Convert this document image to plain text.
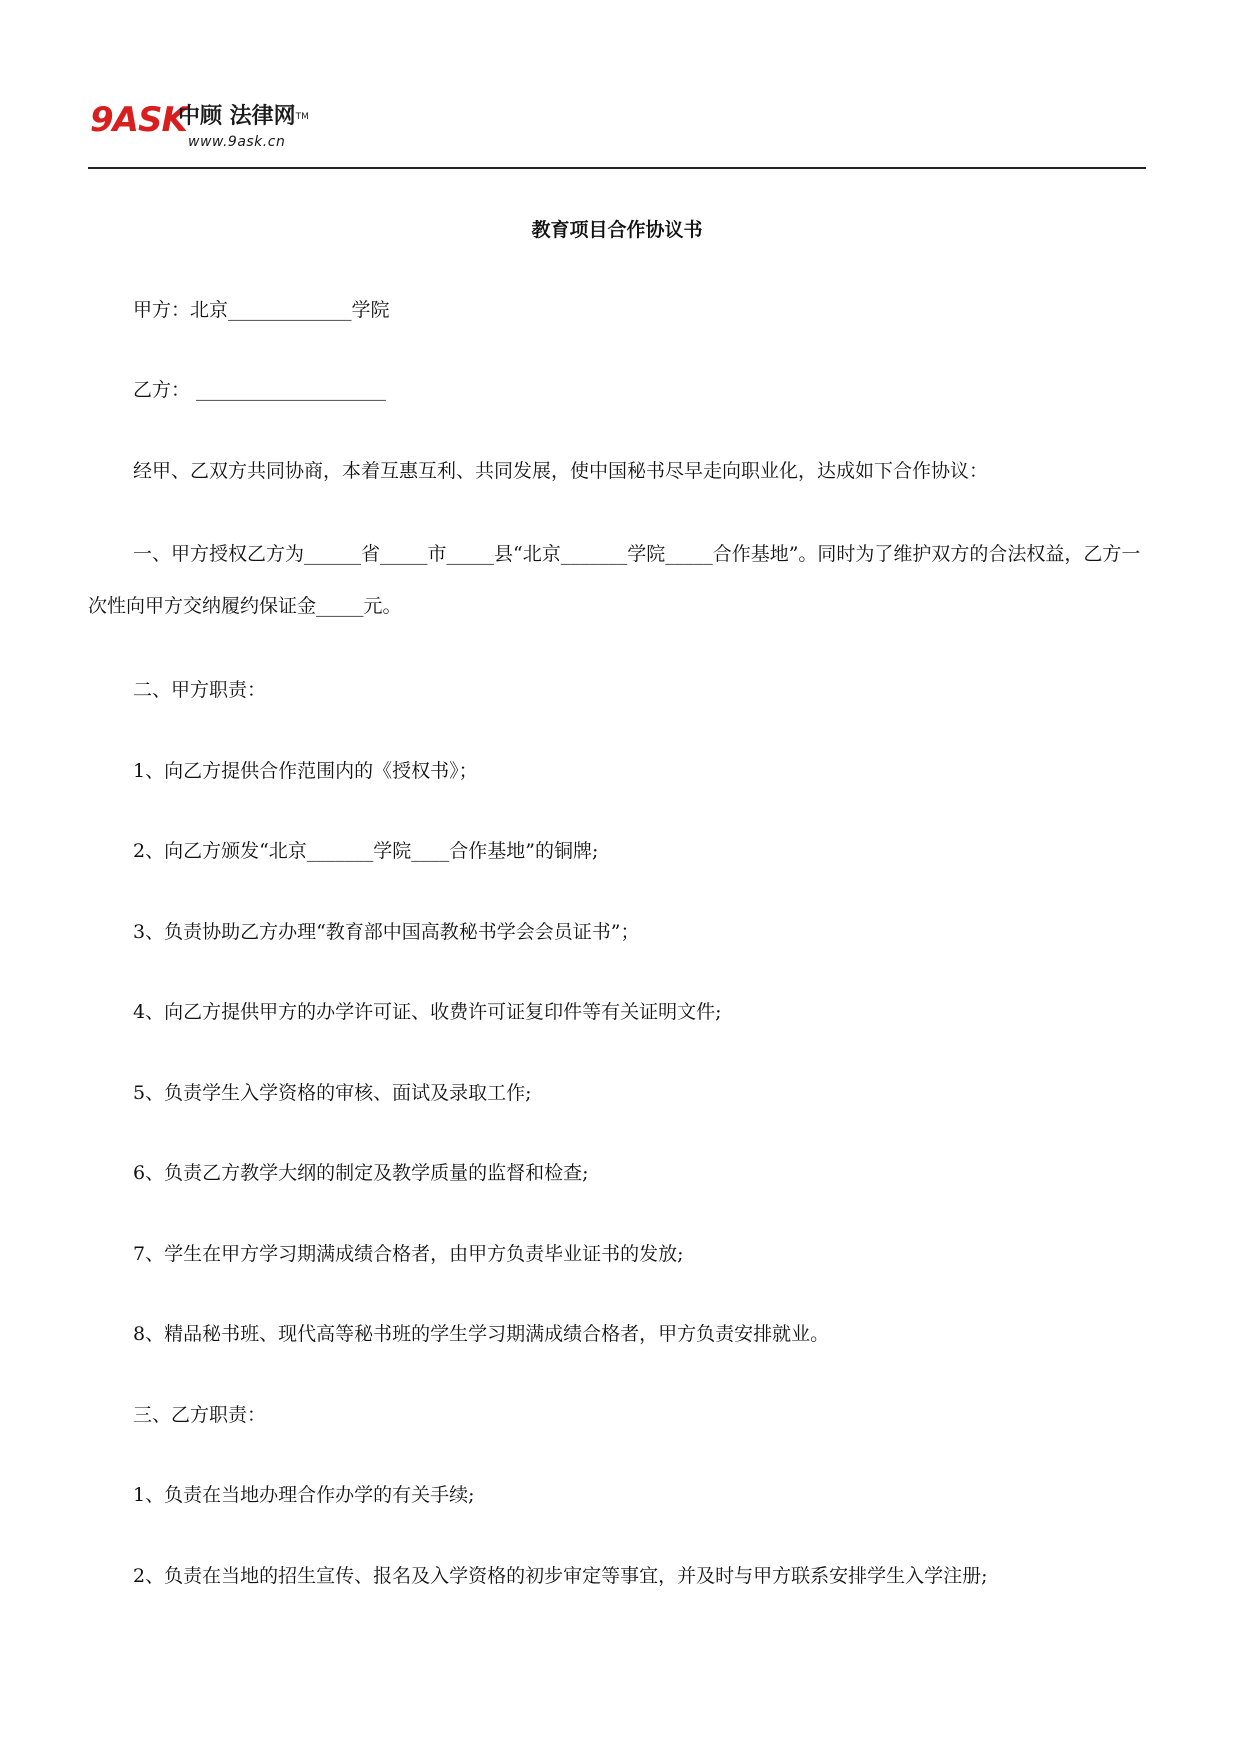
9ASK
中顾 法律网™
www.9ask.cn
教育项目合作协议书
甲方：北京_____________学院
乙方： ____________________
经甲、乙双方共同协商，本着互惠互利、共同发展，使中国秘书尽早走向职业化，达成如下合作协议：
一、甲方授权乙方为______省_____市_____县“北京_______学院_____合作基地”。同时为了维护双方的合法权益，乙方一次性向甲方交纳履约保证金_____元。
二、甲方职责：
1、向乙方提供合作范围内的《授权书》；
2、向乙方颁发“北京_______学院____合作基地”的铜牌;
3、负责协助乙方办理“教育部中国高教秘书学会会员证书”；
4、向乙方提供甲方的办学许可证、收费许可证复印件等有关证明文件;
5、负责学生入学资格的审核、面试及录取工作;
6、负责乙方教学大纲的制定及教学质量的监督和检查;
7、学生在甲方学习期满成绩合格者，由甲方负责毕业证书的发放;
8、精品秘书班、现代高等秘书班的学生学习期满成绩合格者，甲方负责安排就业。
三、乙方职责：
1、负责在当地办理合作办学的有关手续;
2、负责在当地的招生宣传、报名及入学资格的初步审定等事宜，并及时与甲方联系安排学生入学注册;
